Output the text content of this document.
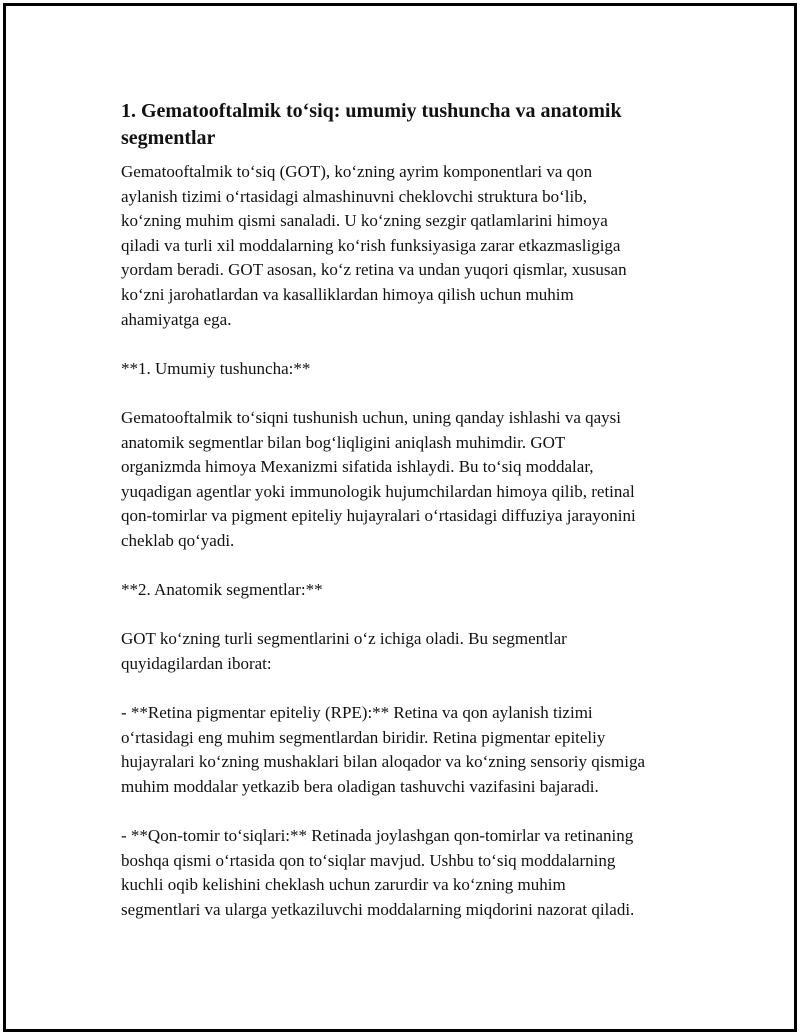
1. Gematooftalmik to‘siq: umumiy tushuncha va anatomik segmentlar

Gematooftalmik to‘siq (GOT), ko‘zning ayrim komponentlari va qon
aylanish tizimi o‘rtasidagi almashinuvni cheklovchi struktura bo‘lib,
ko‘zning muhim qismi sanaladi. U ko‘zning sezgir qatlamlarini himoya
qiladi va turli xil moddalarning ko‘rish funksiyasiga zarar etkazmasligiga
yordam beradi. GOT asosan, ko‘z retina va undan yuqori qismlar, xususan
ko‘zni jarohatlardan va kasalliklardan himoya qilish uchun muhim
ahamiyatga ega.

**1. Umumiy tushuncha:**

Gematooftalmik to‘siqni tushunish uchun, uning qanday ishlashi va qaysi
anatomik segmentlar bilan bog‘liqligini aniqlash muhimdir. GOT
organizmda himoya Mexanizmi sifatida ishlaydi. Bu to‘siq moddalar,
yuqadigan agentlar yoki immunologik hujumchilardan himoya qilib, retinal
qon-tomirlar va pigment epiteliy hujayralari o‘rtasidagi diffuziya jarayonini
cheklab qo‘yadi.

**2. Anatomik segmentlar:**

GOT ko‘zning turli segmentlarini o‘z ichiga oladi. Bu segmentlar
quyidagilardan iborat:

- **Retina pigmentar epiteliy (RPE):** Retina va qon aylanish tizimi
o‘rtasidagi eng muhim segmentlardan biridir. Retina pigmentar epiteliy
hujayralari ko‘zning mushaklari bilan aloqador va ko‘zning sensoriy qismiga
muhim moddalar yetkazib bera oladigan tashuvchi vazifasini bajaradi.

- **Qon-tomir to‘siqlari:** Retinada joylashgan qon-tomirlar va retinaning
boshqa qismi o‘rtasida qon to‘siqlar mavjud. Ushbu to‘siq moddalarning
kuchli oqib kelishini cheklash uchun zarurdir va ko‘zning muhim
segmentlari va ularga yetkaziluvchi moddalarning miqdorini nazorat qiladi.
